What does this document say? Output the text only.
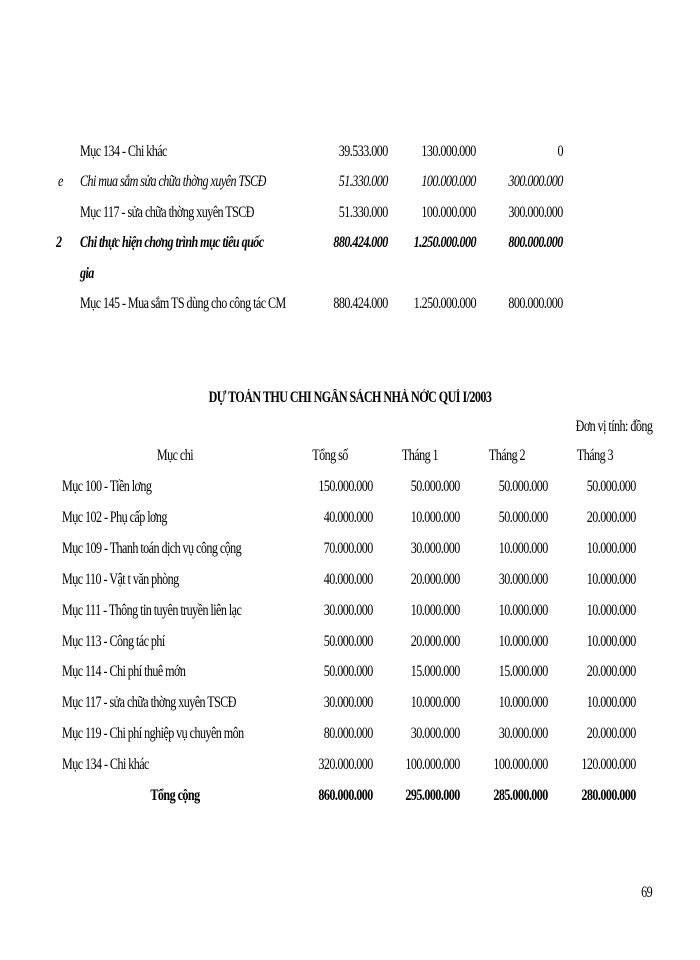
Mục 134 - Chi khác	39.533.000 130.000.000	0
e Chi mua sắm sửa chữa thờng xuyên TSCĐ	51.330.000 100.000.000 300.000.000
Mục 117 - sửa chữa thờng xuyên TSCĐ	51.330.000 100.000.000 300.000.000
2 Chi thực hiện chơng trình mục tiêu quốc
gia
880.424.000 1.250.000.000 800.000.000
Mục 145 - Mua sắm TS dùng cho công tác CM	880.424.000 1.250.000.000 800.000.000
DỰ TOÁN THU CHI NGÂN SÁCH NHÀ NỚC QUÍ I/2003
Đơn vị tính: đồng
Mục chi	Tổng số	Tháng 1	Tháng 2	Tháng 3
Mục 100 - Tiền lơng	150.000.000 50.000.000	50.000.000	50.000.000
Mục 102 - Phụ cấp lơng	40.000.000 10.000.000	50.000.000	20.000.000
Mục 109 - Thanh toán dịch vụ công cộng	70.000.000 30.000.000	10.000.000	10.000.000
Mục 110 - Vật t văn phòng	40.000.000 20.000.000	30.000.000	10.000.000
Mục 111 - Thông tin tuyên truyền liên lạc	30.000.000 10.000.000	10.000.000	10.000.000
Mục 113 - Công tác phí	50.000.000 20.000.000	10.000.000	10.000.000
Mục 114 - Chi phí thuê mớn	50.000.000 15.000.000	15.000.000	20.000.000
Mục 117 - sửa chữa thờng xuyên TSCĐ	30.000.000 10.000.000	10.000.000	10.000.000
Mục 119 - Chi phí nghiệp vụ chuyên môn	80.000.000 30.000.000	30.000.000	20.000.000
Mục 134 - Chi khác	320.000.000 100.000.000 100.000.000 120.000.000
Tổng cộng	860.000.000 295.000.000 285.000.000 280.000.000
69
